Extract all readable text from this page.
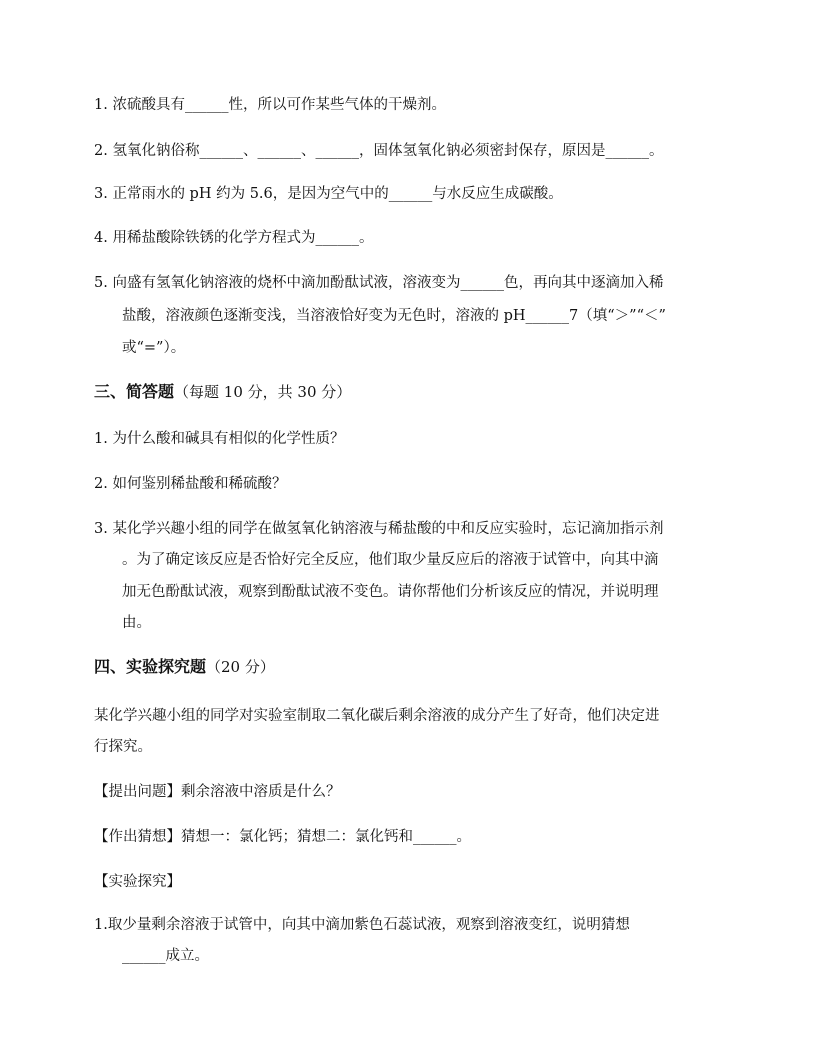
1. 浓硫酸具有______性，所以可作某些气体的干燥剂。
2. 氢氧化钠俗称______、______、______，固体氢氧化钠必须密封保存，原因是______。
3. 正常雨水的 pH 约为 5.6，是因为空气中的______与水反应生成碳酸。
4. 用稀盐酸除铁锈的化学方程式为______。
5. 向盛有氢氧化钠溶液的烧杯中滴加酚酞试液，溶液变为______色，再向其中逐滴加入稀
盐酸，溶液颜色逐渐变浅，当溶液恰好变为无色时，溶液的 pH______7（填“＞”“＜”
或“=”）。
三、简答题（每题 10 分，共 30 分）
1. 为什么酸和碱具有相似的化学性质？
2. 如何鉴别稀盐酸和稀硫酸？
3. 某化学兴趣小组的同学在做氢氧化钠溶液与稀盐酸的中和反应实验时，忘记滴加指示剂
。为了确定该反应是否恰好完全反应，他们取少量反应后的溶液于试管中，向其中滴
加无色酚酞试液，观察到酚酞试液不变色。请你帮他们分析该反应的情况，并说明理
由。
四、实验探究题（20 分）
某化学兴趣小组的同学对实验室制取二氧化碳后剩余溶液的成分产生了好奇，他们决定进
行探究。
【提出问题】剩余溶液中溶质是什么？
【作出猜想】猜想一：氯化钙；猜想二：氯化钙和______。
【实验探究】
1.取少量剩余溶液于试管中，向其中滴加紫色石蕊试液，观察到溶液变红，说明猜想
______成立。
